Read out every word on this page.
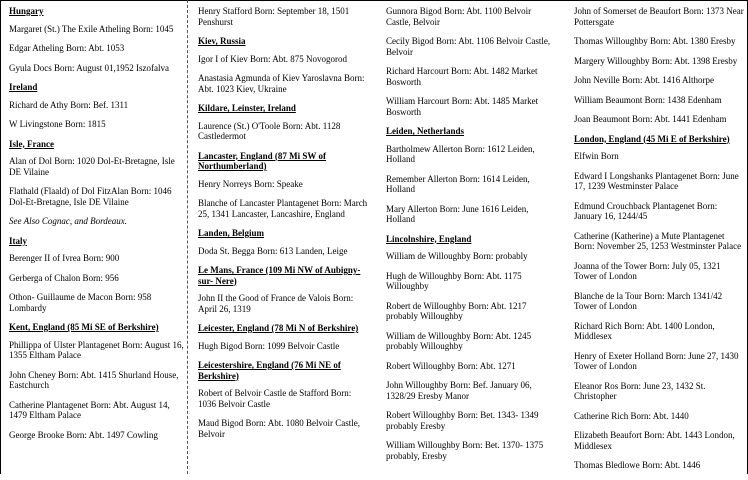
Hungary
Margaret (St.) The Exile Atheling Born: 1045
Edgar Atheling Born: Abt. 1053
Gyula Docs Born: August 01,1952 Iszofalva
Ireland
Richard de Athy Born: Bef. 1311
W Livingstone Born: 1815
Isle, France
Alan of Dol Born: 1020 Dol-Et-Bretagne, Isle DE Vilaine
Flathald (Flaald) of Dol FitzAlan Born: 1046 Dol-Et-Bretagne, Isle DE Vilaine
See Also Cognac, and Bordeaux.
Italy
Berenger II of Ivrea Born: 900
Gerberga of Chalon Born: 956
Othon- Guillaume de Macon Born: 958 Lombardy
Kent, England (85 Mi SE of Berkshire)
Phillippa of Ulster Plantagenet Born: August 16, 1355 Eltham Palace
John Cheney Born: Abt. 1415 Shurland House, Eastchurch
Catherine Plantagenet Born: Abt. August 14, 1479 Eltham Palace
George Brooke Born: Abt. 1497 Cowling
Henry Stafford Born: September 18, 1501 Penshurst
Kiev, Russia
Igor I of Kiev Born: Abt. 875 Novogorod
Anastasia Agmunda of Kiev Yaroslavna Born: Abt. 1023 Kiev, Ukraine
Kildare, Leinster, Ireland
Laurence (St.) O'Toole Born: Abt. 1128 Castledermot
Lancaster, England (87 Mi SW of Northumberland)
Henry Norreys Born: Speake
Blanche of Lancaster Plantagenet Born: March 25, 1341 Lancaster, Lancashire, England
Landen, Belgium
Doda St. Begga Born: 613 Landen, Leige
Le Mans, France (109 Mi NW of Aubigny-sur- Nere)
John II the Good of France de Valois Born: April 26, 1319
Leicester, England (78 Mi N of Berkshire)
Hugh Bigod Born: 1099 Belvoir Castle
Leicestershire, England (76 Mi NE of Berkshire)
Robert of Belvoir Castle de Stafford Born: 1036 Belvoir Castle
Maud Bigod Born: Abt. 1080 Belvoir Castle, Belvoir
Gunnora Bigod Born: Abt. 1100 Belvoir Castle, Belvoir
Cecily Bigod Born: Abt. 1106 Belvoir Castle, Belvoir
Richard Harcourt Born: Abt. 1482 Market Bosworth
William Harcourt Born: Abt. 1485 Market Bosworth
Leiden, Netherlands
Bartholmew Allerton Born: 1612 Leiden, Holland
Remember Allerton Born: 1614 Leiden, Holland
Mary Allerton Born: June 1616 Leiden, Holland
Lincolnshire, England
William de Willoughby Born: probably
Hugh de Willoughby Born: Abt. 1175 Willoughby
Robert de Willoughby Born: Abt. 1217 probably Willoughby
William de Willoughby Born: Abt. 1245 probably Willoughby
Robert Willoughby Born: Abt. 1271
John Willoughby Born: Bef. January 06, 1328/29 Eresby Manor
Robert Willoughby Born: Bet. 1343- 1349 probably Eresby
William Willoughby Born: Bet. 1370- 1375 probably, Eresby
John of Somerset de Beaufort Born: 1373 Near Pottersgate
Thomas Willoughby Born: Abt. 1380 Eresby
Margery Willoughby Born: Abt. 1398 Eresby
John Neville Born: Abt. 1416 Althorpe
William Beaumont Born: 1438 Edenham
Joan Beaumont Born: Abt. 1441 Edenham
London, England (45 Mi E of Berkshire)
Elfwin Born
Edward I Longshanks Plantagenet Born: June 17, 1239 Westminster Palace
Edmund Crouchback Plantagenet Born: January 16, 1244/45
Catherine (Katherine) a Mute Plantagenet Born: November 25, 1253 Westminster Palace
Joanna of the Tower Born: July 05, 1321 Tower of London
Blanche de la Tour Born: March 1341/42 Tower of London
Richard Rich Born: Abt. 1400 London, Middlesex
Henry of Exeter Holland Born: June 27, 1430 Tower of London
Eleanor Ros Born: June 23, 1432 St. Christopher
Catherine Rich Born: Abt. 1440
Elizabeth Beaufort Born: Abt. 1443 London, Middlesex
Thomas Bledlowe Born: Abt. 1446
